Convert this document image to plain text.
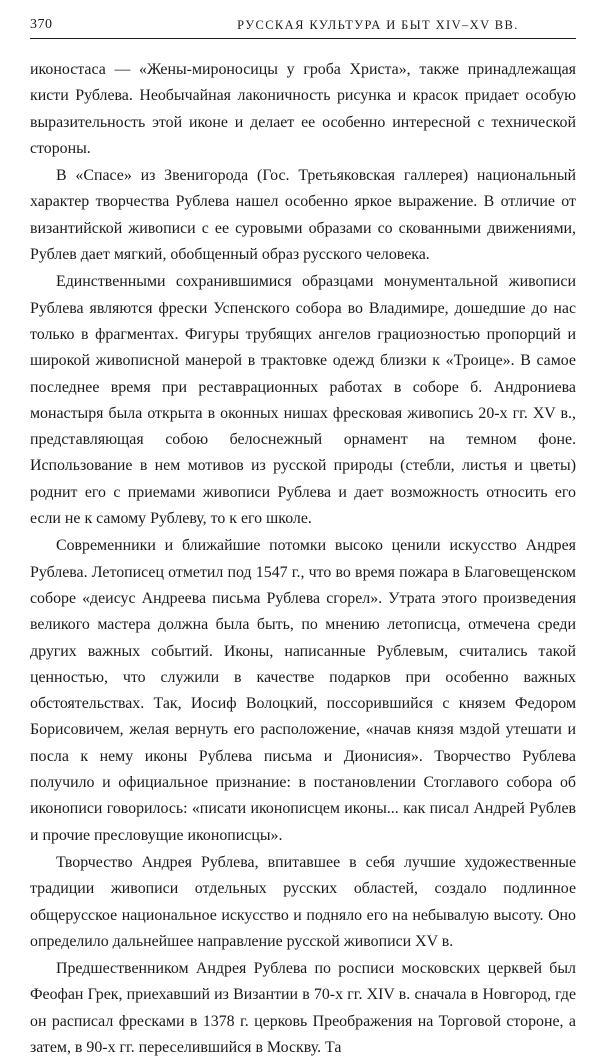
370	РУССКАЯ КУЛЬТУРА И БЫТ XIV–XV ВВ.

иконостаса — «Жены-мироносицы у гроба Христа», также принадлежащая кисти Рублева. Необычайная лаконичность рисунка и красок придает особую выразительность этой иконе и делает ее особенно интересной с технической стороны.

В «Спасе» из Звенигорода (Гос. Третьяковская галлерея) национальный характер творчества Рублева нашел особенно яркое выражение. В отличие от византийской живописи с ее суровыми образами со скованными движениями, Рублев дает мягкий, обобщенный образ русского человека.

Единственными сохранившимися образцами монументальной живописи Рублева являются фрески Успенского собора во Владимире, дошедшие до нас только в фрагментах. Фигуры трубящих ангелов грациозностью пропорций и широкой живописной манерой в трактовке одежд близки к «Троице». В самое последнее время при реставрационных работах в соборе б. Андрониева монастыря была открыта в оконных нишах фресковая живопись 20-х гг. XV в., представляющая собою белоснежный орнамент на темном фоне. Использование в нем мотивов из русской природы (стебли, листья и цветы) роднит его с приемами живописи Рублева и дает возможность относить его если не к самому Рублеву, то к его школе.

Современники и ближайшие потомки высоко ценили искусство Андрея Рублева. Летописец отметил под 1547 г., что во время пожара в Благовещенском соборе «деисус Андреева письма Рублева сгорел». Утрата этого произведения великого мастера должна была быть, по мнению летописца, отмечена среди других важных событий. Иконы, написанные Рублевым, считались такой ценностью, что служили в качестве подарков при особенно важных обстоятельствах. Так, Иосиф Волоцкий, поссорившийся с князем Федором Борисовичем, желая вернуть его расположение, «начав князя мздой утешати и посла к нему иконы Рублева письма и Дионисия». Творчество Рублева получило и официальное признание: в постановлении Стоглавого собора об иконописи говорилось: «писати иконописцем иконы... как писал Андрей Рублев и прочие пресловущие иконописцы».

Творчество Андрея Рублева, впитавшее в себя лучшие художественные традиции живописи отдельных русских областей, создало подлинное общерусское национальное искусство и подняло его на небывалую высоту. Оно определило дальнейшее направление русской живописи XV в.

Предшественником Андрея Рублева по росписи московских церквей был Феофан Грек, приехавший из Византии в 70-х гг. XIV в. сначала в Новгород, где он расписал фресками в 1378 г. церковь Преображения на Торговой стороне, а затем, в 90-х гг. переселившийся в Москву. Та
